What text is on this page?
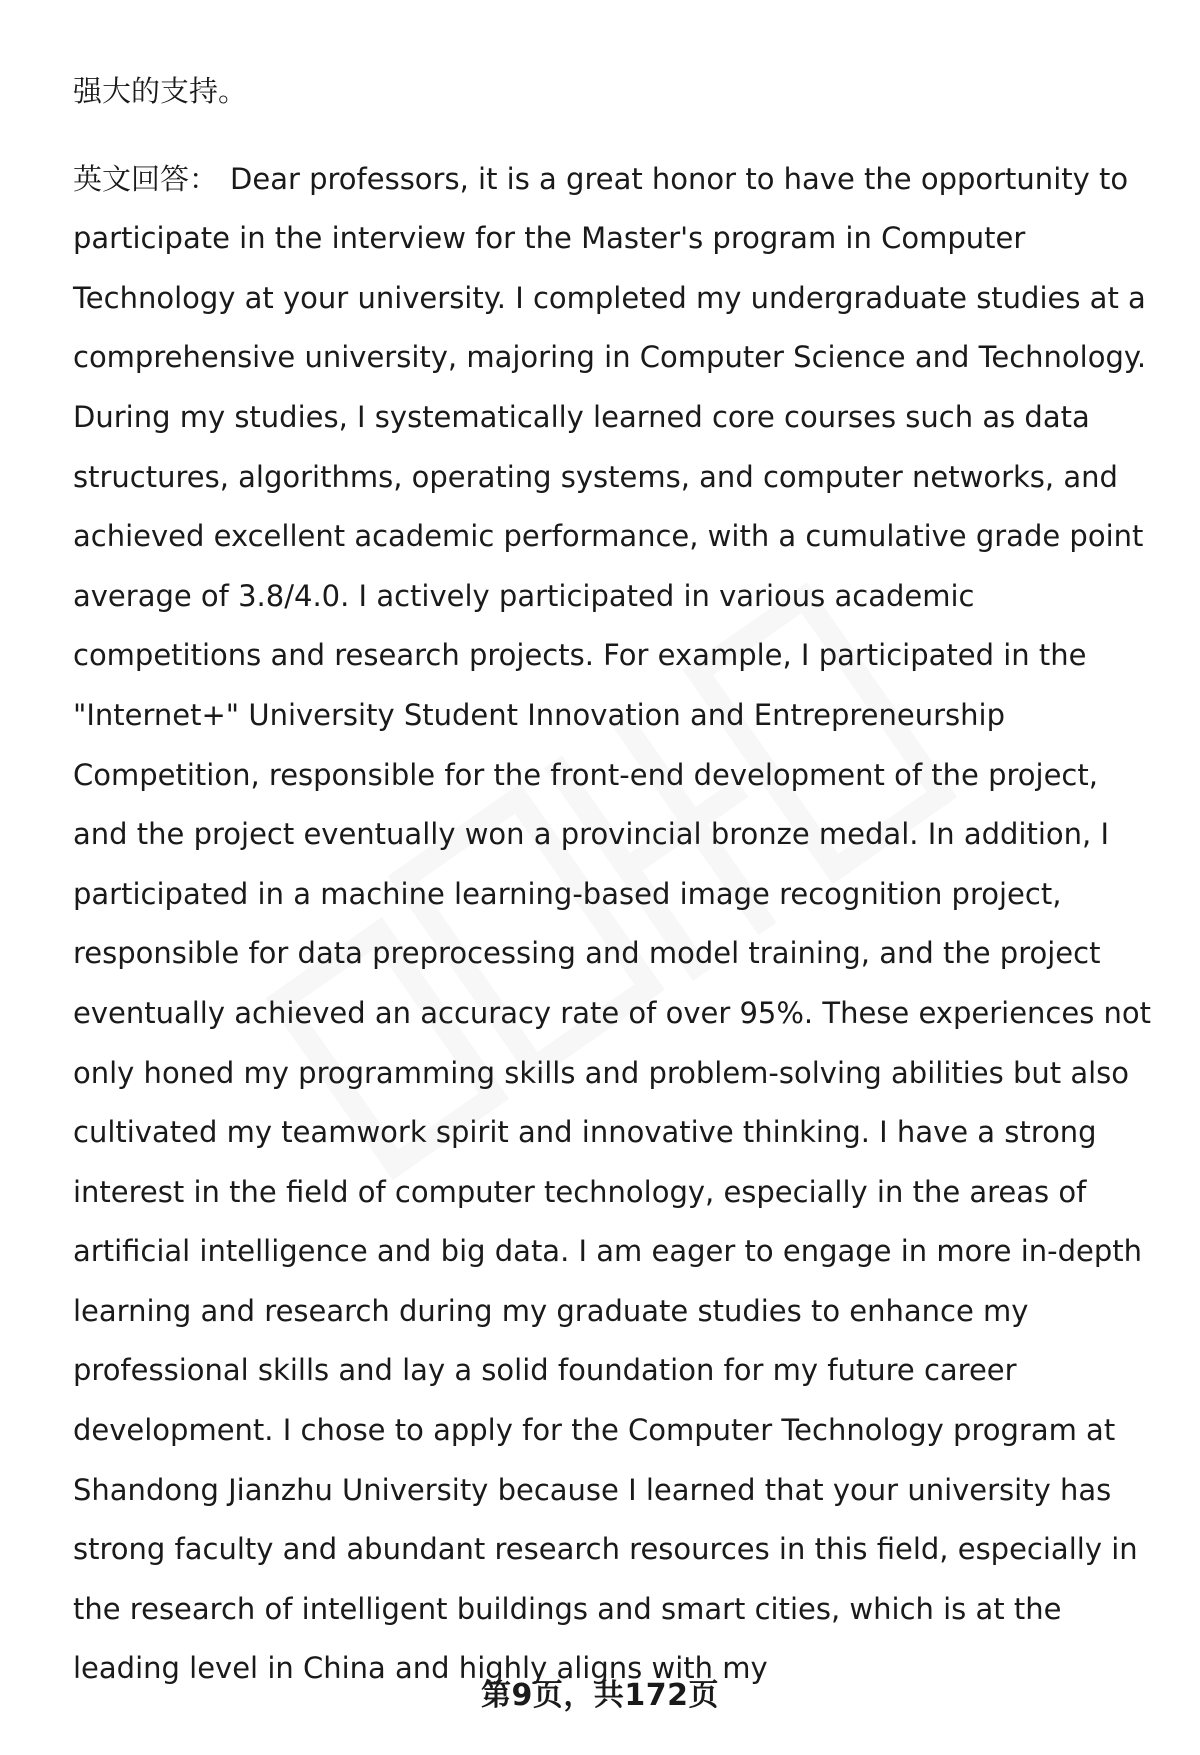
强大的支持。

英文回答： Dear professors, it is a great honor to have the opportunity to participate in the interview for the Master's program in Computer Technology at your university. I completed my undergraduate studies at a comprehensive university, majoring in Computer Science and Technology. During my studies, I systematically learned core courses such as data structures, algorithms, operating systems, and computer networks, and achieved excellent academic performance, with a cumulative grade point average of 3.8/4.0. I actively participated in various academic competitions and research projects. For example, I participated in the "Internet+" University Student Innovation and Entrepreneurship Competition, responsible for the front-end development of the project, and the project eventually won a provincial bronze medal. In addition, I participated in a machine learning-based image recognition project, responsible for data preprocessing and model training, and the project eventually achieved an accuracy rate of over 95%. These experiences not only honed my programming skills and problem-solving abilities but also cultivated my teamwork spirit and innovative thinking. I have a strong interest in the field of computer technology, especially in the areas of artificial intelligence and big data. I am eager to engage in more in-depth learning and research during my graduate studies to enhance my professional skills and lay a solid foundation for my future career development. I chose to apply for the Computer Technology program at Shandong Jianzhu University because I learned that your university has strong faculty and abundant research resources in this field, especially in the research of intelligent buildings and smart cities, which is at the leading level in China and highly aligns with my

第9页，共172页
